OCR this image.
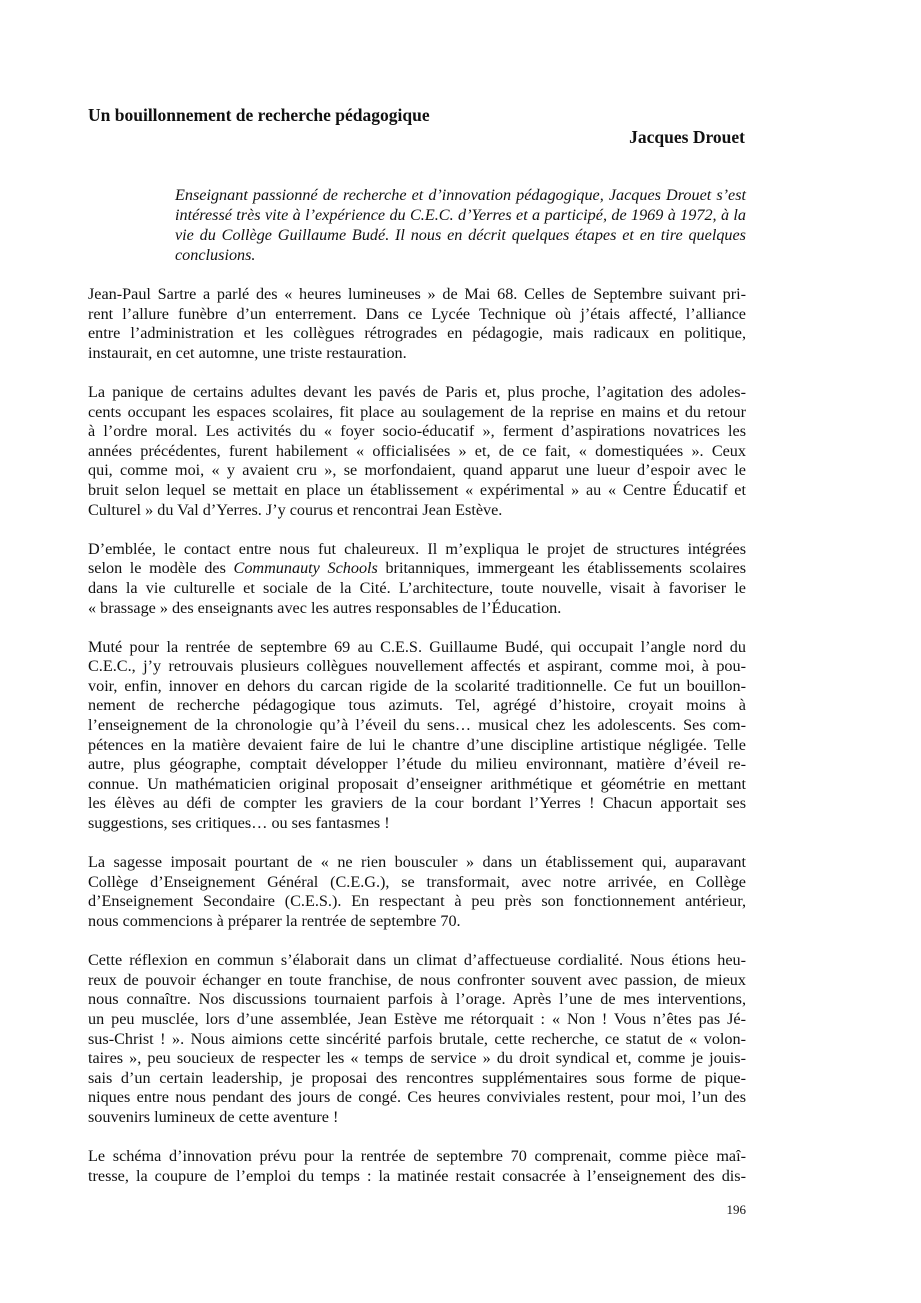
Un bouillonnement de recherche pédagogique
Jacques Drouet

Enseignant passionné de recherche et d’innovation pédagogique, Jacques Drouet s’est intéressé très vite à l’expérience du C.E.C. d’Yerres et a participé, de 1969 à 1972, à la vie du Collège Guillaume Budé. Il nous en décrit quelques étapes et en tire quelques conclusions.

Jean-Paul Sartre a parlé des « heures lumineuses » de Mai 68. Celles de Septembre suivant pri-
rent l’allure funèbre d’un enterrement. Dans ce Lycée Technique où j’étais affecté, l’alliance
entre l’administration et les collègues rétrogrades en pédagogie, mais radicaux en politique,
instaurait, en cet automne, une triste restauration.

La panique de certains adultes devant les pavés de Paris et, plus proche, l’agitation des adoles-
cents occupant les espaces scolaires, fit place au soulagement de la reprise en mains et du retour
à l’ordre moral. Les activités du « foyer socio-éducatif », ferment d’aspirations novatrices les
années précédentes, furent habilement « officialisées » et, de ce fait, « domestiquées ». Ceux
qui, comme moi, « y avaient cru », se morfondaient, quand apparut une lueur d’espoir avec le
bruit selon lequel se mettait en place un établissement « expérimental » au « Centre Éducatif et
Culturel » du Val d’Yerres. J’y courus et rencontrai Jean Estève.

D’emblée, le contact entre nous fut chaleureux. Il m’expliqua le projet de structures intégrées
selon le modèle des Communauty Schools britanniques, immergeant les établissements scolaires
dans la vie culturelle et sociale de la Cité. L’architecture, toute nouvelle, visait à favoriser le
« brassage » des enseignants avec les autres responsables de l’Éducation.

Muté pour la rentrée de septembre 69 au C.E.S. Guillaume Budé, qui occupait l’angle nord du
C.E.C., j’y retrouvais plusieurs collègues nouvellement affectés et aspirant, comme moi, à pou-
voir, enfin, innover en dehors du carcan rigide de la scolarité traditionnelle. Ce fut un bouillon-
nement de recherche pédagogique tous azimuts. Tel, agrégé d’histoire, croyait moins à
l’enseignement de la chronologie qu’à l’éveil du sens… musical chez les adolescents. Ses com-
pétences en la matière devaient faire de lui le chantre d’une discipline artistique négligée. Telle
autre, plus géographe, comptait développer l’étude du milieu environnant, matière d’éveil re-
connue. Un mathématicien original proposait d’enseigner arithmétique et géométrie en mettant
les élèves au défi de compter les graviers de la cour bordant l’Yerres ! Chacun apportait ses
suggestions, ses critiques… ou ses fantasmes !

La sagesse imposait pourtant de « ne rien bousculer » dans un établissement qui, auparavant
Collège d’Enseignement Général (C.E.G.), se transformait, avec notre arrivée, en Collège
d’Enseignement Secondaire (C.E.S.). En respectant à peu près son fonctionnement antérieur,
nous commencions à préparer la rentrée de septembre 70.

Cette réflexion en commun s’élaborait dans un climat d’affectueuse cordialité. Nous étions heu-
reux de pouvoir échanger en toute franchise, de nous confronter souvent avec passion, de mieux
nous connaître. Nos discussions tournaient parfois à l’orage. Après l’une de mes interventions,
un peu musclée, lors d’une assemblée, Jean Estève me rétorquait : « Non ! Vous n’êtes pas Jé-
sus-Christ ! ». Nous aimions cette sincérité parfois brutale, cette recherche, ce statut de « volon-
taires », peu soucieux de respecter les « temps de service » du droit syndical et, comme je jouis-
sais d’un certain leadership, je proposai des rencontres supplémentaires sous forme de pique-
niques entre nous pendant des jours de congé. Ces heures conviviales restent, pour moi, l’un des
souvenirs lumineux de cette aventure !

Le schéma d’innovation prévu pour la rentrée de septembre 70 comprenait, comme pièce maî-
tresse, la coupure de l’emploi du temps : la matinée restait consacrée à l’enseignement des dis-

196
